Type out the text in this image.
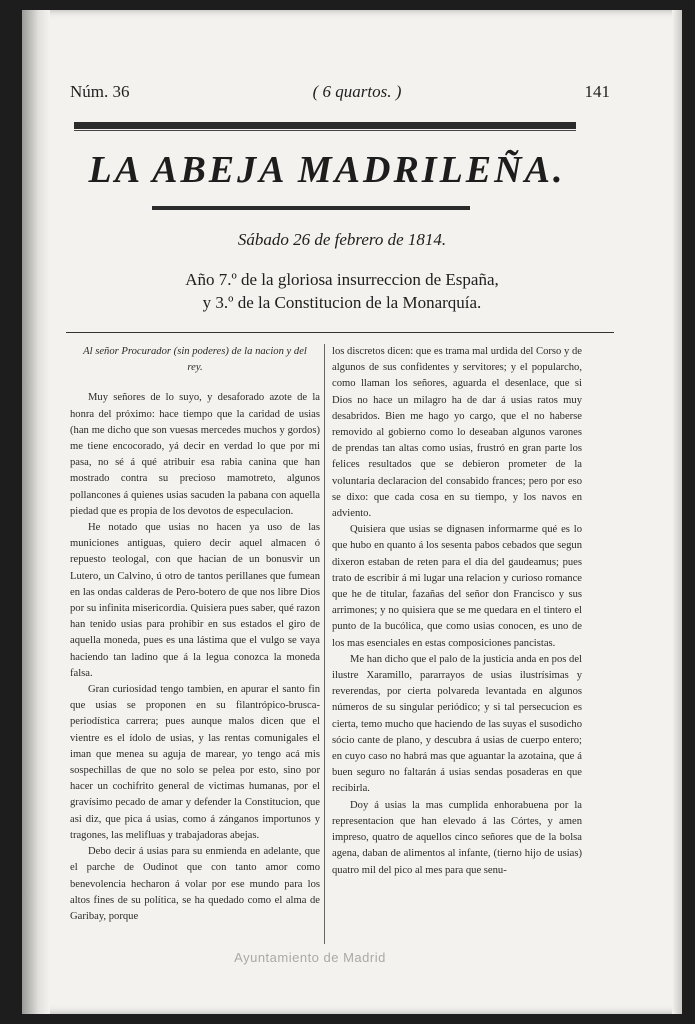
Núm. 36	( 6 quartos. )	141
LA ABEJA MADRILEÑA.
Sábado 26 de febrero de 1814.
Año 7.º de la gloriosa insurreccion de España,
y 3.º de la Constitucion de la Monarquía.

Al señor Procurador (sin poderes) de la nacion y del rey.

Muy señores de lo suyo, y desaforado azote de la honra del próximo: hace tiempo que la caridad de usias (han me dicho que son vuesas mercedes muchos y gordos) me tiene encocorado, yá decir en verdad lo que por mi pasa, no sé á qué atribuir esa rabia canina que han mostrado contra su precioso mamotreto, algunos pollancones á quienes usias sacuden la pabana con aquella piedad que es propia de los devotos de especulacion.

He notado que usias no hacen ya uso de las municiones antiguas, quiero decir aquel almacen ó repuesto teologal, con que hacian de un bonusvir un Lutero, un Calvino, ú otro de tantos perillanes que fumean en las ondas calderas de Pero-botero de que nos libre Dios por su infinita misericordia. Quisiera pues saber, qué razon han tenido usias para prohibir en sus estados el giro de aquella moneda, pues es una lástima que el vulgo se vaya haciendo tan ladino que á la legua conozca la moneda falsa.

Gran curiosidad tengo tambien, en apurar el santo fin que usias se proponen en su filantrópico-brusca-periodística carrera; pues aunque malos dicen que el vientre es el ídolo de usias, y las rentas comunigales el iman que menea su aguja de marear, yo tengo acá mis sospechillas de que no solo se pelea por esto, sino por hacer un cochifrito general de victimas humanas, por el gravísimo pecado de amar y defender la Constitucion, que asi diz, que pica á usias, como á zánganos importunos y tragones, las melifluas y trabajadoras abejas.

Debo decir á usias para su enmienda en adelante, que el parche de Oudinot que con tanto amor como benevolencia hecharon á volar por ese mundo para los altos fines de su política, se ha quedado como el alma de Garibay, porque

los discretos dicen: que es trama mal urdida del Corso y de algunos de sus confidentes y servitores; y el popularcho, como llaman los señores, aguarda el desenlace, que si Dios no hace un milagro ha de dar á usias ratos muy desabridos. Bien me hago yo cargo, que el no haberse removido al gobierno como lo deseaban algunos varones de prendas tan altas como usias, frustró en gran parte los felices resultados que se debieron prometer de la voluntaria declaracion del consabido frances; pero por eso se dixo: que cada cosa en su tiempo, y los navos en adviento.

Quisiera que usias se dignasen informarme qué es lo que hubo en quanto á los sesenta pabos cebados que segun dixeron estaban de reten para el dia del gaudeamus; pues trato de escribir á mi lugar una relacion y curioso romance que he de titular, fazañas del señor don Francisco y sus arrimones; y no quisiera que se me quedara en el tintero el punto de la bucólica, que como usias conocen, es uno de los mas esenciales en estas composiciones pancistas.

Me han dicho que el palo de la justicia anda en pos del ilustre Xaramillo, pararrayos de usias ilustrísimas y reverendas, por cierta polvareda levantada en algunos números de su singular periódico; y si tal persecucion es cierta, temo mucho que haciendo de las suyas el susodicho sócio cante de plano, y descubra á usias de cuerpo entero; en cuyo caso no habrá mas que aguantar la azotaina, que á buen seguro no faltarán á usias sendas posaderas en que recibirla.

Doy á usias la mas cumplida enhorabuena por la representacion que han elevado á las Córtes, y amen impreso, quatro de aquellos cinco señores que de la bolsa agena, daban de alimentos al infante, (tierno hijo de usias) quatro mil del pico al mes para que senu-

Ayuntamiento de Madrid
